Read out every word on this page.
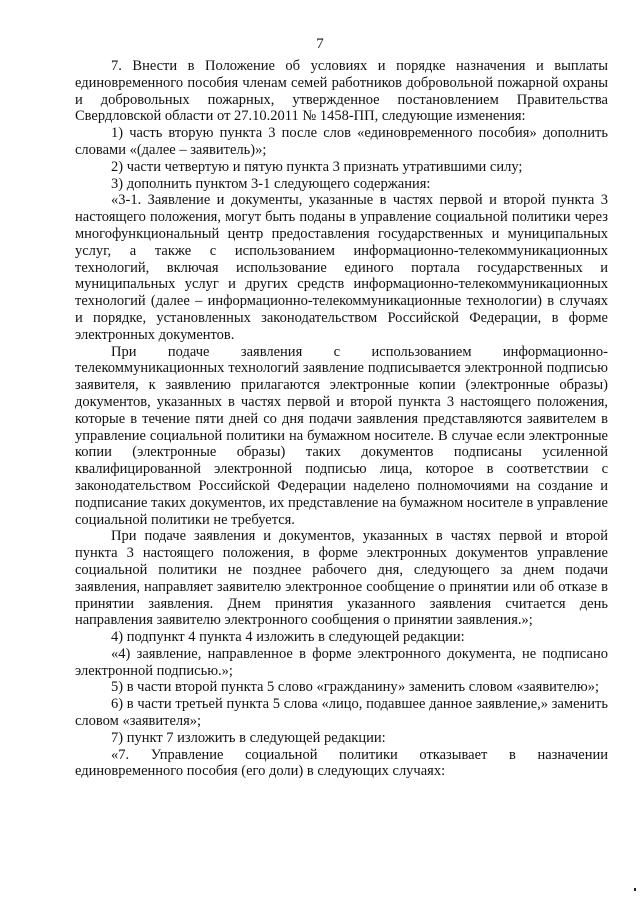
7

7. Внести в Положение об условиях и порядке назначения и выплаты единовременного пособия членам семей работников добровольной пожарной охраны и добровольных пожарных, утвержденное постановлением Правительства Свердловской области от 27.10.2011 № 1458-ПП, следующие изменения:

1) часть вторую пункта 3 после слов «единовременного пособия» дополнить словами «(далее – заявитель)»;

2) части четвертую и пятую пункта 3 признать утратившими силу;

3) дополнить пунктом 3-1 следующего содержания:

«3-1. Заявление и документы, указанные в частях первой и второй пункта 3 настоящего положения, могут быть поданы в управление социальной политики через многофункциональный центр предоставления государственных и муниципальных услуг, а также с использованием информационно-телекоммуникационных технологий, включая использование единого портала государственных и муниципальных услуг и других средств информационно-телекоммуникационных технологий (далее – информационно-телекоммуникационные технологии) в случаях и порядке, установленных законодательством Российской Федерации, в форме электронных документов.

При подаче заявления с использованием информационно-телекоммуникационных технологий заявление подписывается электронной подписью заявителя, к заявлению прилагаются электронные копии (электронные образы) документов, указанных в частях первой и второй пункта 3 настоящего положения, которые в течение пяти дней со дня подачи заявления представляются заявителем в управление социальной политики на бумажном носителе. В случае если электронные копии (электронные образы) таких документов подписаны усиленной квалифицированной электронной подписью лица, которое в соответствии с законодательством Российской Федерации наделено полномочиями на создание и подписание таких документов, их представление на бумажном носителе в управление социальной политики не требуется.

При подаче заявления и документов, указанных в частях первой и второй пункта 3 настоящего положения, в форме электронных документов управление социальной политики не позднее рабочего дня, следующего за днем подачи заявления, направляет заявителю электронное сообщение о принятии или об отказе в принятии заявления. Днем принятия указанного заявления считается день направления заявителю электронного сообщения о принятии заявления.»;

4) подпункт 4 пункта 4 изложить в следующей редакции:

«4) заявление, направленное в форме электронного документа, не подписано электронной подписью.»;

5) в части второй пункта 5 слово «гражданину» заменить словом «заявителю»;

6) в части третьей пункта 5 слова «лицо, подавшее данное заявление,» заменить словом «заявителя»;

7) пункт 7 изложить в следующей редакции:

«7. Управление социальной политики отказывает в назначении единовременного пособия (его доли) в следующих случаях:
